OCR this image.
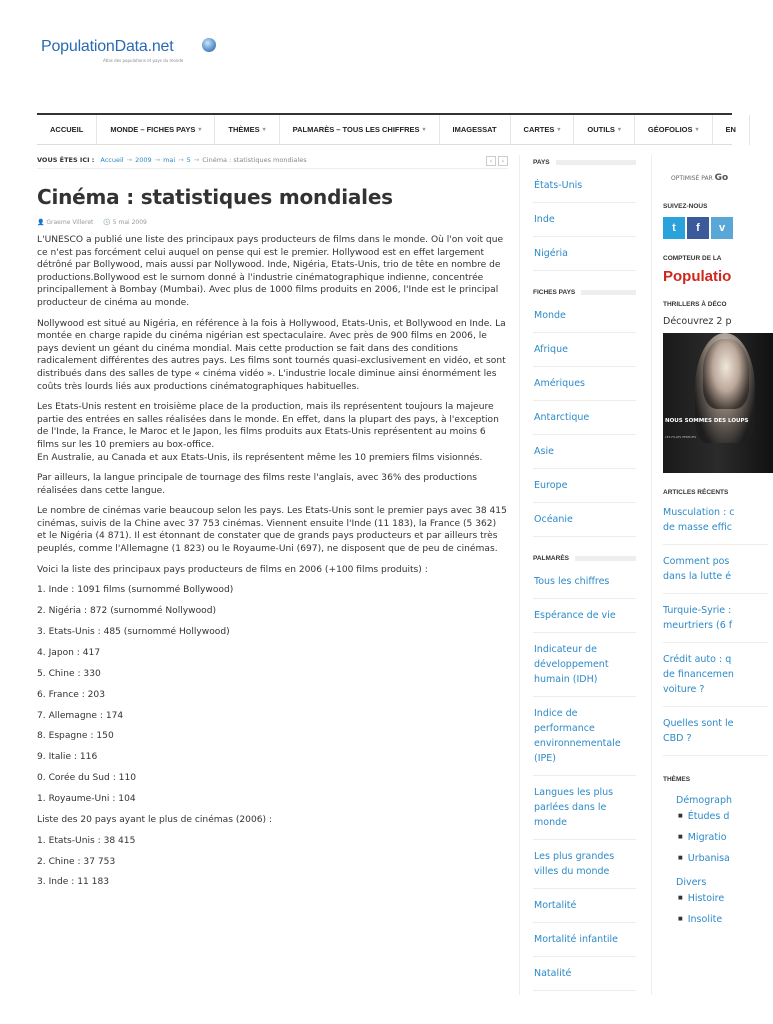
PopulationData.net
Atlas des populations et pays du monde
ACCUEIL	MONDE – FICHES PAYS ▾	THÈMES ▾	PALMARÈS – TOUS LES CHIFFRES ▾	IMAGESSAT	CARTES ▾	OUTILS ▾	GÉOFOLIOS ▾	EN
VOUS ÊTES ICI : Accueil → 2009 → mai → 5 → Cinéma : statistiques mondiales	‹	›
Cinéma : statistiques mondiales
👤 Graeme Villeret 🕓 5 mai 2009

L'UNESCO a publié une liste des principaux pays producteurs de films dans le monde. Où l'on voit que ce n'est pas forcément celui auquel on pense qui est le premier. Hollywood est en effet largement détrôné par Bollywood, mais aussi par Nollywood. Inde, Nigéria, Etats-Unis, trio de tête en nombre de productions.Bollywood est le surnom donné à l'industrie cinématographique indienne, concentrée principallement à Bombay (Mumbai). Avec plus de 1000 films produits en 2006, l'Inde est le principal producteur de cinéma au monde.

Nollywood est situé au Nigéria, en référence à la fois à Hollywood, Etats-Unis, et Bollywood en Inde. La montée en charge rapide du cinéma nigérian est spectaculaire. Avec près de 900 films en 2006, le pays devient un géant du cinéma mondial. Mais cette production se fait dans des conditions radicalement différentes des autres pays. Les films sont tournés quasi-exclusivement en vidéo, et sont distribués dans des salles de type « cinéma vidéo ». L'industrie locale diminue ainsi énormément les coûts très lourds liés aux productions cinématographiques habituelles.

Les Etats-Unis restent en troisième place de la production, mais ils représentent toujours la majeure partie des entrées en salles réalisées dans le monde. En effet, dans la plupart des pays, à l'exception de l'Inde, la France, le Maroc et le Japon, les films produits aux Etats-Unis représentent au moins 6 films sur les 10 premiers au box-office.
En Australie, au Canada et aux Etats-Unis, ils représentent même les 10 premiers films visionnés.

Par ailleurs, la langue principale de tournage des films reste l'anglais, avec 36% des productions réalisées dans cette langue.

Le nombre de cinémas varie beaucoup selon les pays. Les Etats-Unis sont le premier pays avec 38 415 cinémas, suivis de la Chine avec 37 753 cinémas. Viennent ensuite l'Inde (11 183), la France (5 362) et le Nigéria (4 871). Il est étonnant de constater que de grands pays producteurs et par ailleurs très peuplés, comme l'Allemagne (1 823) ou le Royaume-Uni (697), ne disposent que de peu de cinémas.

Voici la liste des principaux pays producteurs de films en 2006 (+100 films produits) :

1. Inde : 1091 films (surnommé Bollywood)
2. Nigéria : 872 (surnommé Nollywood)
3. Etats-Unis : 485 (surnommé Hollywood)
4. Japon : 417
5. Chine : 330
6. France : 203
7. Allemagne : 174
8. Espagne : 150
9. Italie : 116
0. Corée du Sud : 110
1. Royaume-Uni : 104

Liste des 20 pays ayant le plus de cinémas (2006) :

1. Etats-Unis : 38 415
2. Chine : 37 753
3. Inde : 11 183
PAYS
États-Unis
Inde
Nigéria
FICHES PAYS
Monde
Afrique
Amériques
Antarctique
Asie
Europe
Océanie
PALMARÈS
Tous les chiffres
Espérance de vie
Indicateur de développement humain (IDH)
Indice de performance environnementale (IPE)
Langues les plus parlées dans le monde
Les plus grandes villes du monde
Mortalité
Mortalité infantile
Natalité
OPTIMISÉ PAR Go
SUIVEZ-NOUS
t	f	v
COMPTEUR DE LA
Populatio
THRILLERS À DÉCO
Découvrez 2 p
NOUS SOMMES DES LOUPS
LES FILLES PERDUES
ARTICLES RÉCENTS
Musculation : c
de masse effic
Comment pos
dans la lutte é
Turquie-Syrie :
meurtriers (6 f
Crédit auto : q
de financemen
voiture ?
Quelles sont le
CBD ?
THÈMES
Démograph
■ Études d
■ Migratio
■ Urbanisa
Divers
■ Histoire
■ Insolite
